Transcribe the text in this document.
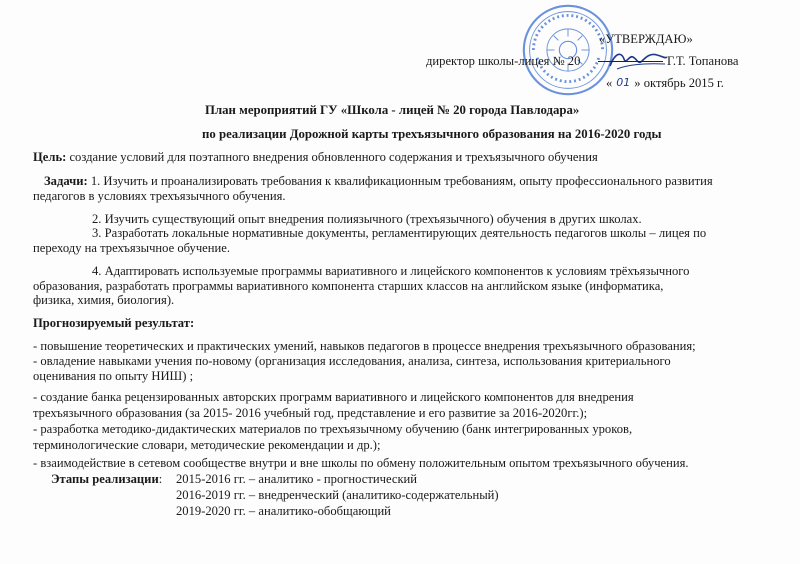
«УТВЕРЖДАЮ»
директор школы-лицея № 20	Г.Т. Топанова
« 01 » октябрь 2015 г.
План мероприятий ГУ «Школа - лицей № 20 города Павлодара»
по реализации Дорожной карты трехъязычного образования на 2016-2020 годы
Цель: создание условий для поэтапного внедрения обновленного содержания и трехъязычного обучения
Задачи: 1. Изучить и проанализировать требования к квалификационным требованиям, опыту профессионального развития
педагогов в условиях трехъязычного обучения.
2. Изучить существующий опыт внедрения полиязычного (трехъязычного) обучения в других школах.
3. Разработать локальные нормативные документы, регламентирующих деятельность педагогов школы – лицея по
переходу на трехъязычное обучение.
4. Адаптировать используемые программы вариативного и лицейского компонентов к условиям трёхъязычного
образования, разработать программы вариативного компонента старших классов на английском языке (информатика,
физика, химия, биология).
Прогнозируемый результат:
- повышение теоретических и практических умений, навыков педагогов в процессе внедрения трехъязычного образования;
- овладение навыками учения по-новому (организация исследования, анализа, синтеза, использования критериального
оценивания по опыту НИШ) ;
- создание банка рецензированных авторских программ вариативного и лицейского компонентов для внедрения
трехъязычного образования (за 2015- 2016 учебный год, представление и его развитие за 2016-2020гг.);
- разработка методико-дидактических материалов по трехъязычному обучению (банк интегрированных уроков,
терминологические словари, методические рекомендации и др.);
- взаимодействие в сетевом сообществе внутри и вне школы по обмену положительным опытом трехъязычного обучения.
Этапы реализации: 2015-2016 гг. – аналитико - прогностический
2016-2019 гг. – внедренческий (аналитико-содержательный)
2019-2020 гг. – аналитико-обобщающий
